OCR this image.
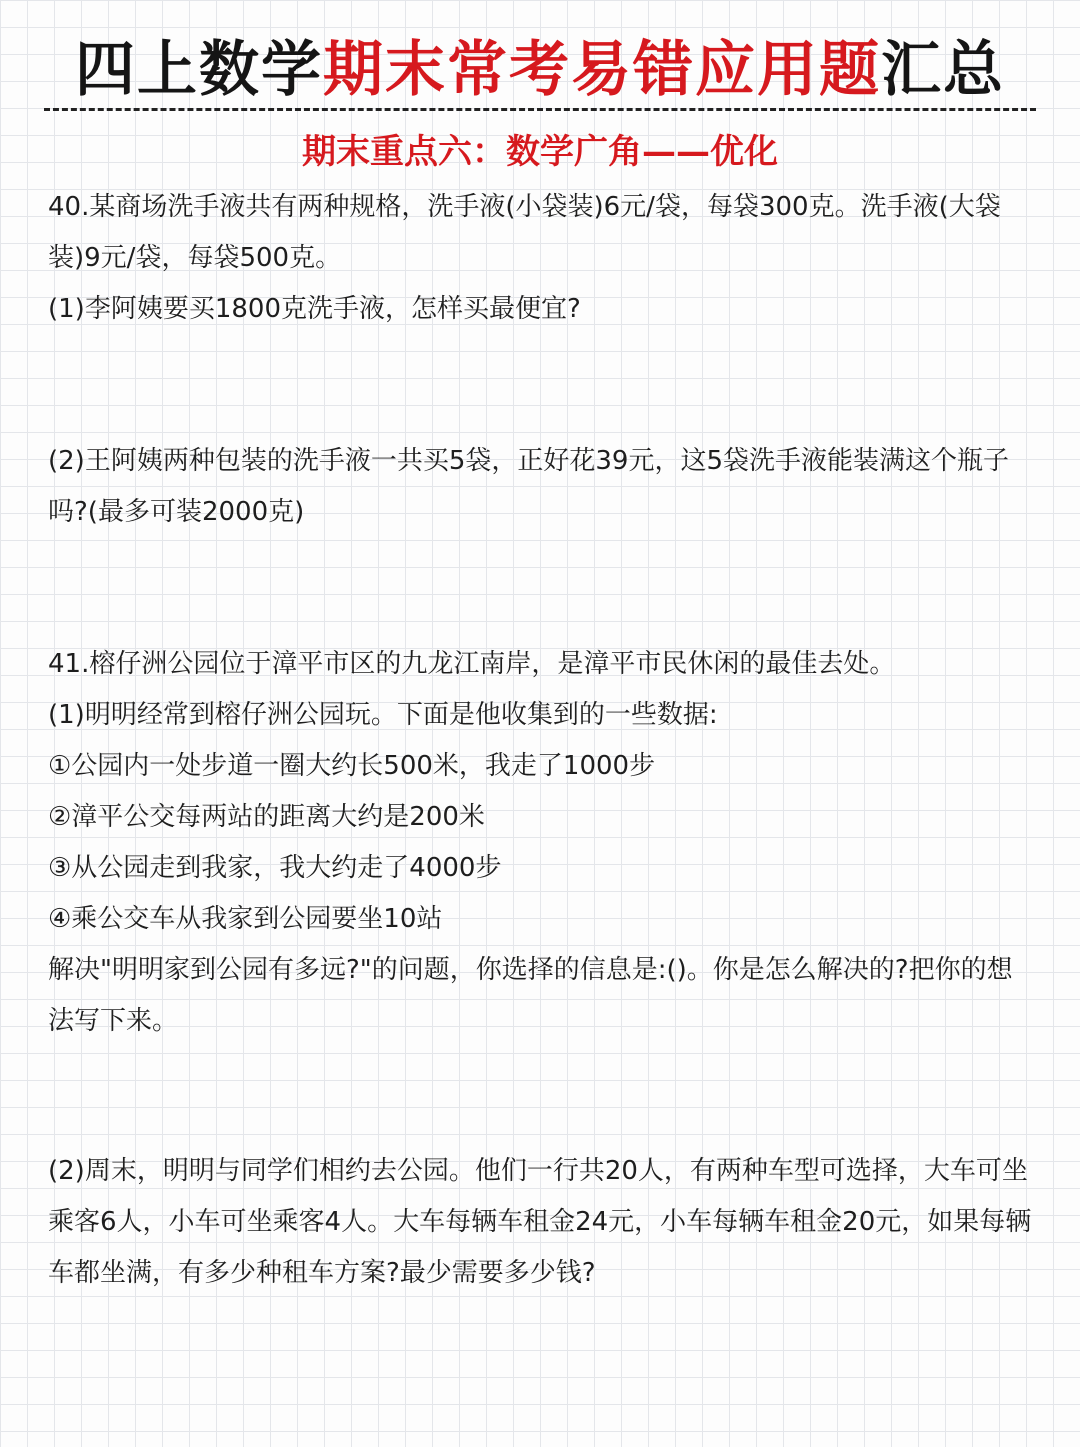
四上数学期末常考易错应用题汇总
期末重点六：数学广角——优化

40.某商场洗手液共有两种规格，洗手液(小袋装)6元/袋，每袋300克。洗手液(大袋装)9元/袋，每袋500克。

(1)李阿姨要买1800克洗手液，怎样买最便宜?

(2)王阿姨两种包装的洗手液一共买5袋，正好花39元，这5袋洗手液能装满这个瓶子吗?(最多可装2000克)

41.榕仔洲公园位于漳平市区的九龙江南岸，是漳平市民休闲的最佳去处。

(1)明明经常到榕仔洲公园玩。下面是他收集到的一些数据:

①公园内一处步道一圈大约长500米，我走了1000步

②漳平公交每两站的距离大约是200米

③从公园走到我家，我大约走了4000步

④乘公交车从我家到公园要坐10站

解决"明明家到公园有多远?"的问题，你选择的信息是:()。你是怎么解决的?把你的想法写下来。

(2)周末，明明与同学们相约去公园。他们一行共20人，有两种车型可选择，大车可坐乘客6人，小车可坐乘客4人。大车每辆车租金24元，小车每辆车租金20元，如果每辆车都坐满，有多少种租车方案?最少需要多少钱?
